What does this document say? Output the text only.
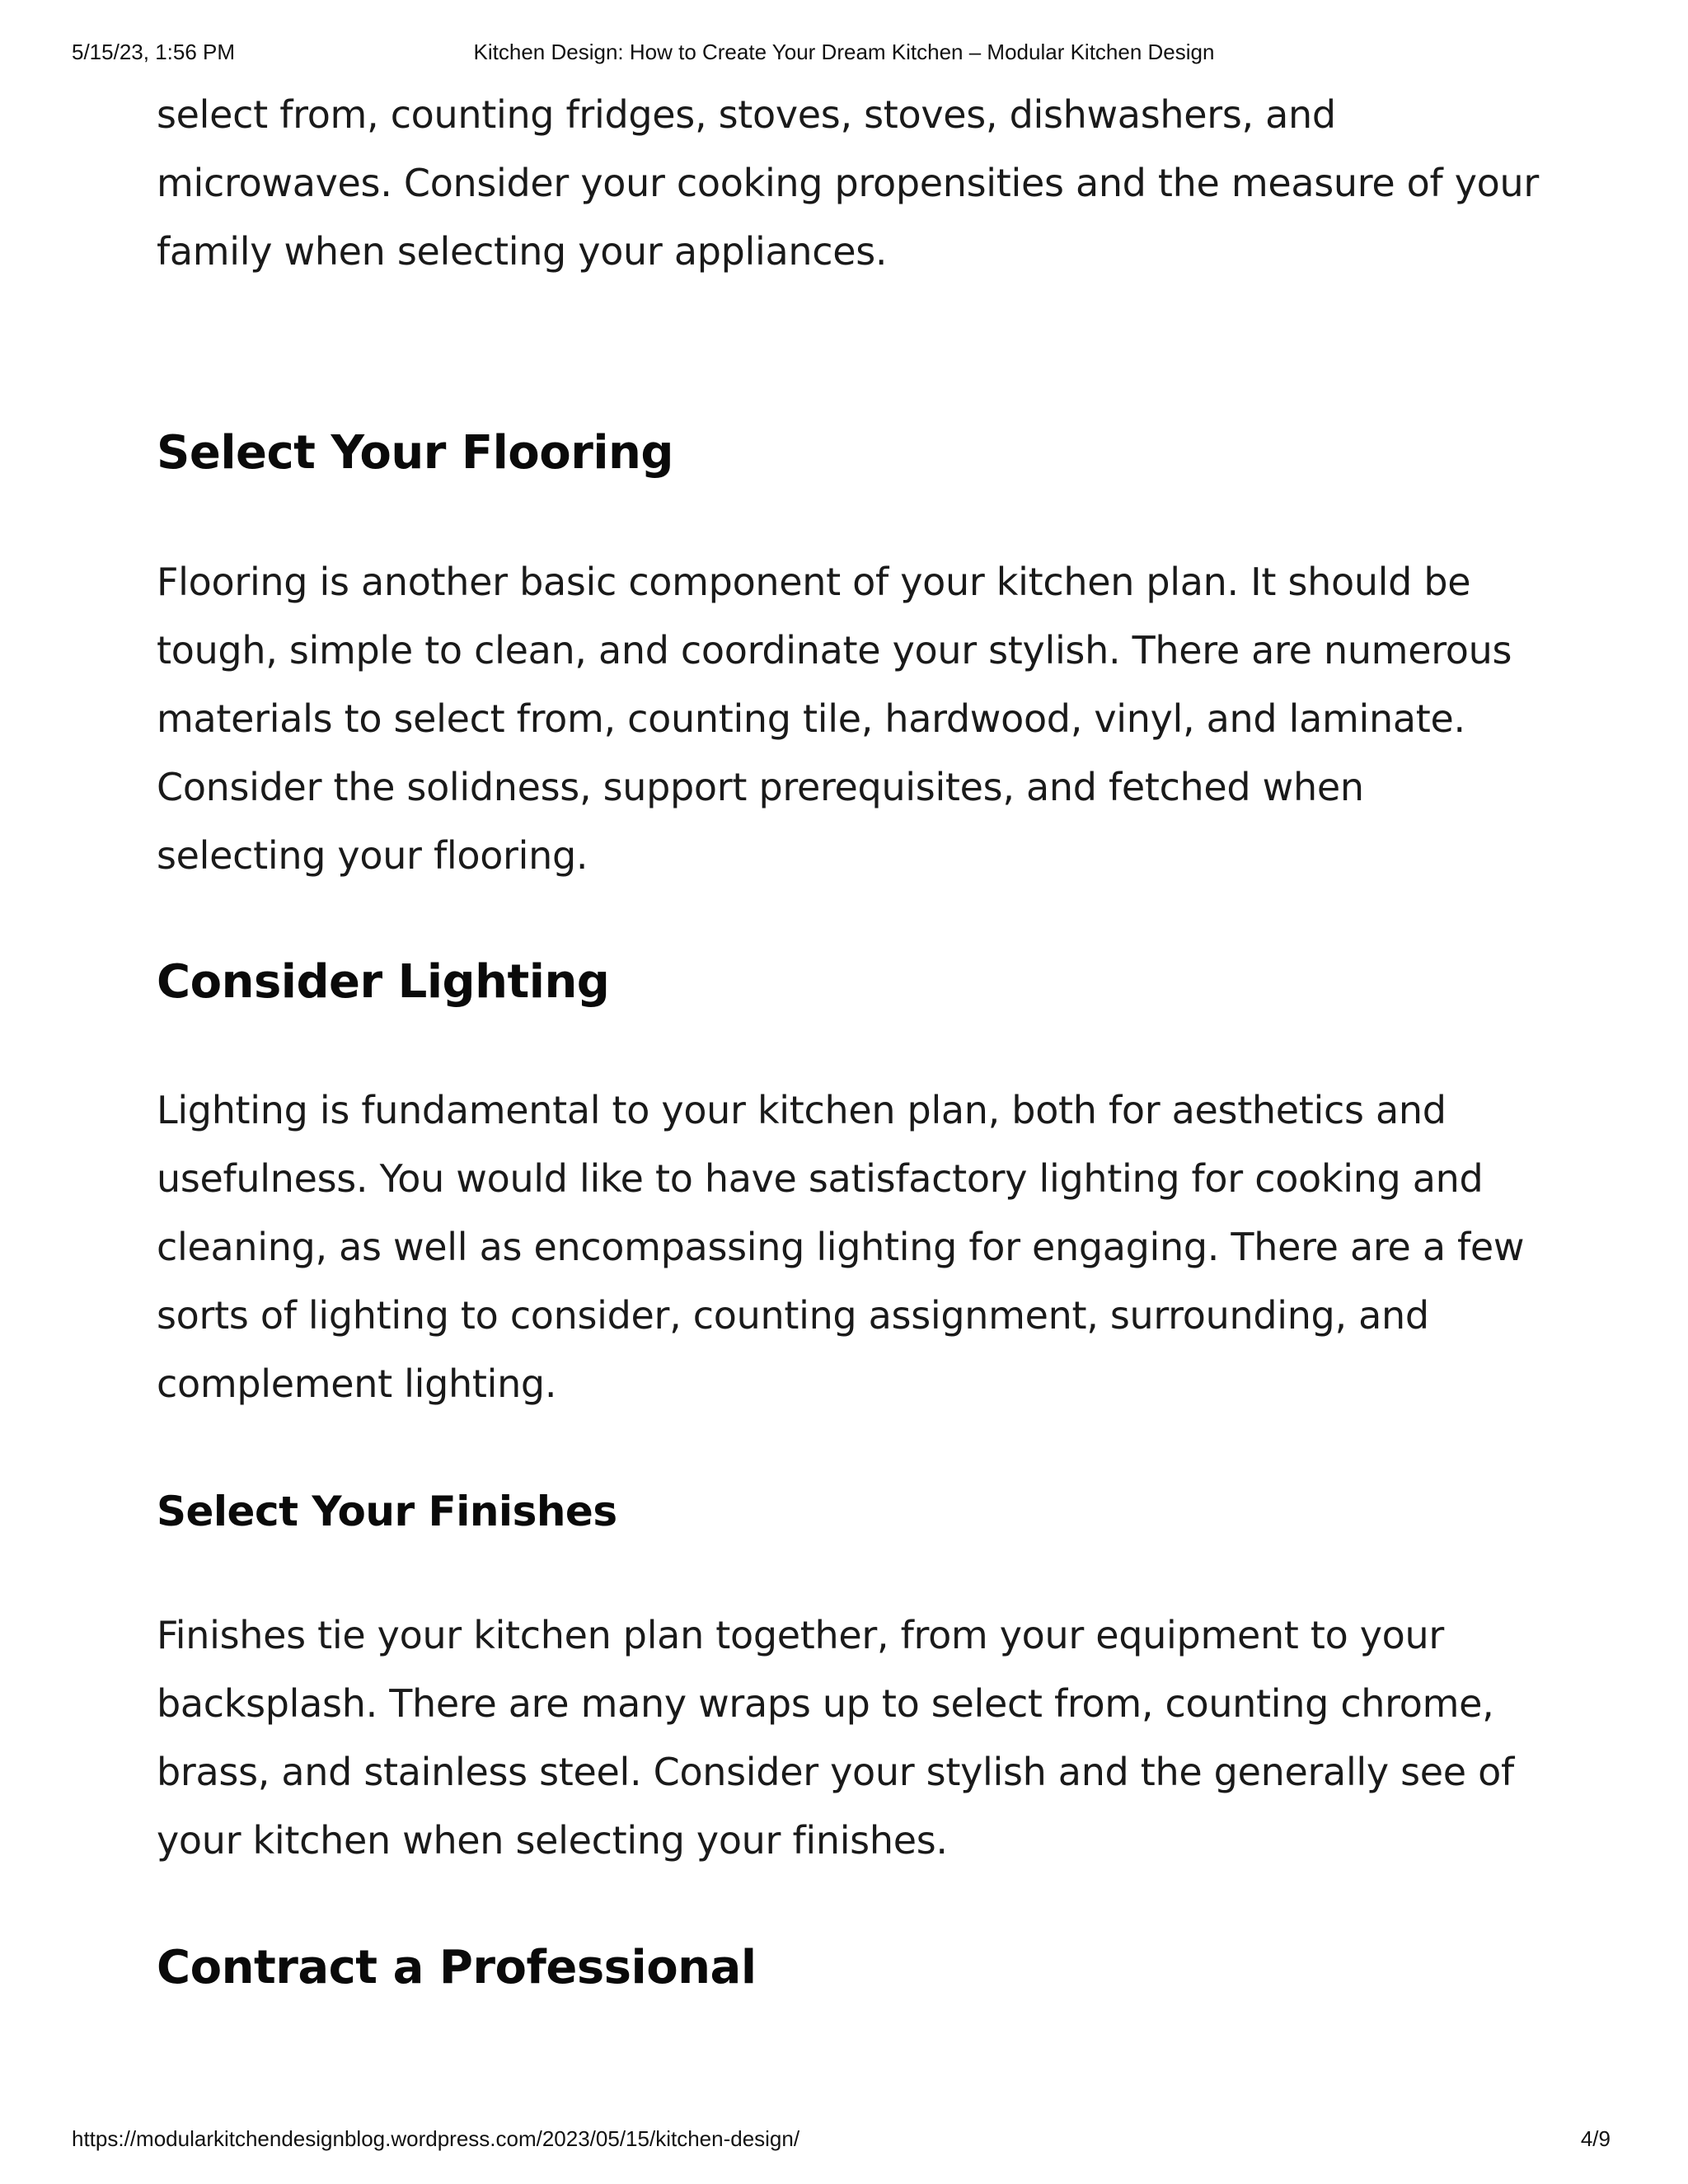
5/15/23, 1:56 PM	Kitchen Design: How to Create Your Dream Kitchen – Modular Kitchen Design

select from, counting fridges, stoves, stoves, dishwashers, and microwaves. Consider your cooking propensities and the measure of your family when selecting your appliances.

Select Your Flooring

Flooring is another basic component of your kitchen plan. It should be tough, simple to clean, and coordinate your stylish. There are numerous materials to select from, counting tile, hardwood, vinyl, and laminate. Consider the solidness, support prerequisites, and fetched when selecting your flooring.

Consider Lighting

Lighting is fundamental to your kitchen plan, both for aesthetics and usefulness. You would like to have satisfactory lighting for cooking and cleaning, as well as encompassing lighting for engaging. There are a few sorts of lighting to consider, counting assignment, surrounding, and complement lighting.

Select Your Finishes

Finishes tie your kitchen plan together, from your equipment to your backsplash. There are many wraps up to select from, counting chrome, brass, and stainless steel. Consider your stylish and the generally see of your kitchen when selecting your finishes.

Contract a Professional
https://modularkitchendesignblog.wordpress.com/2023/05/15/kitchen-design/	4/9
